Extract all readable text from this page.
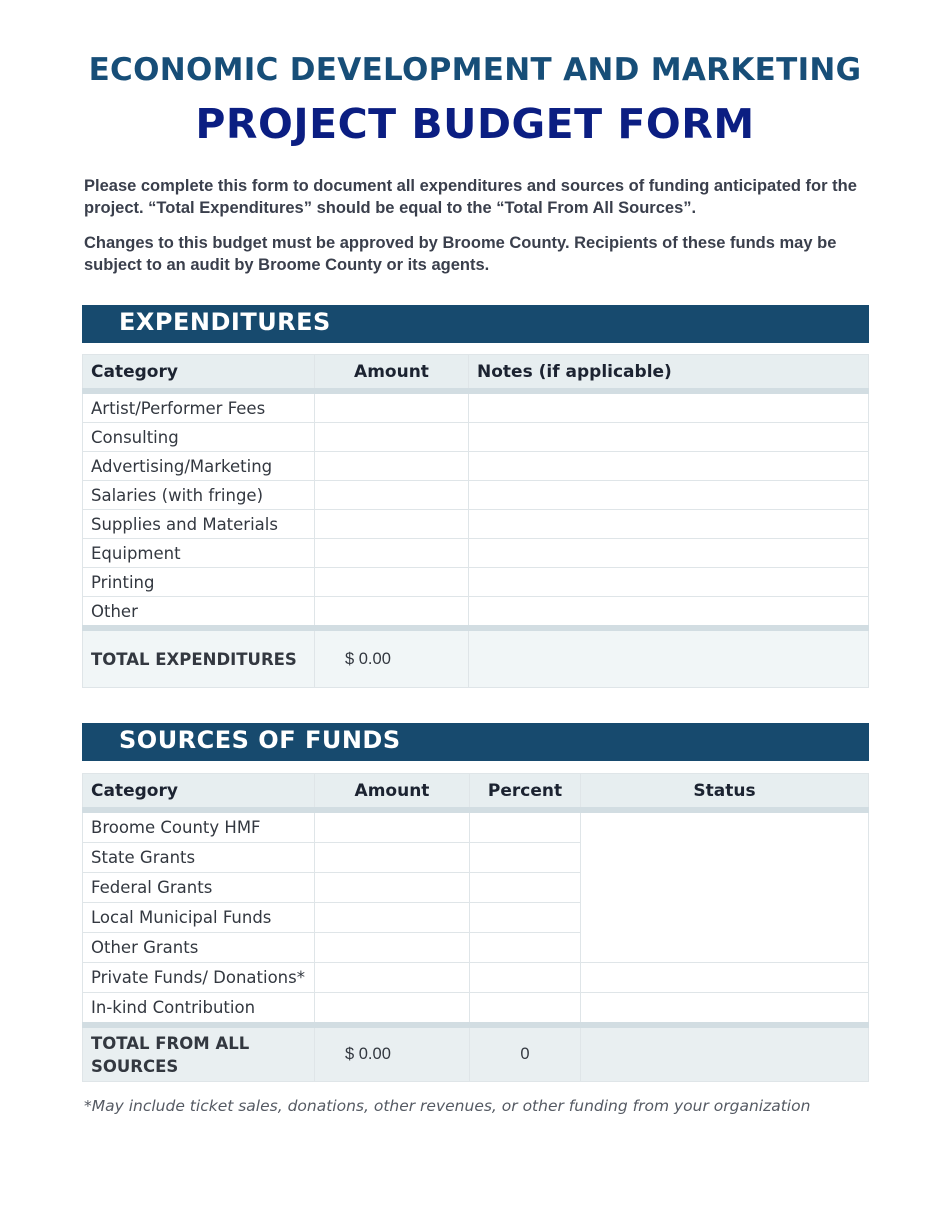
ECONOMIC DEVELOPMENT AND MARKETING
PROJECT BUDGET FORM
Please complete this form to document all expenditures and sources of funding anticipated for the project. “Total Expenditures” should be equal to the “Total From All Sources”.
Changes to this budget must be approved by Broome County. Recipients of these funds may be subject to an audit by Broome County or its agents.
EXPENDITURES
Category	Amount	Notes (if applicable)
Artist/Performer Fees		
Consulting		
Advertising/Marketing		
Salaries (with fringe)		
Supplies and Materials		
Equipment		
Printing		
Other		
TOTAL EXPENDITURES	$ 0.00	
SOURCES OF FUNDS
Category	Amount	Percent	Status
Broome County HMF			
State Grants			
Federal Grants			
Local Municipal Funds			
Other Grants			
Private Funds/ Donations*			
In-kind Contribution			
TOTAL FROM ALL SOURCES	$ 0.00	0	
*May include ticket sales, donations, other revenues, or other funding from your organization
